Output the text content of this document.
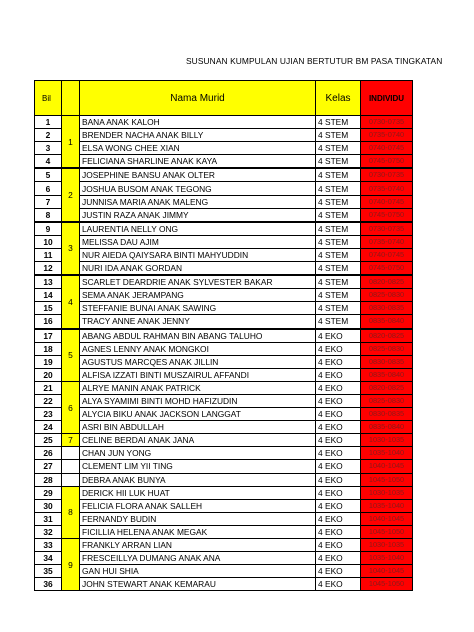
SUSUNAN KUMPULAN UJIAN BERTUTUR BM PASA TINGKATAN
Bil		Nama Murid	Kelas	INDIVIDU
1	1	BANA ANAK KALOH	4 STEM	0730-0735
2		BRENDER NACHA ANAK BILLY	4 STEM	0735-0740
3		ELSA WONG CHEE XIAN	4 STEM	0740-0745
4		FELICIANA SHARLINE ANAK KAYA	4 STEM	0745-0750
5	2	JOSEPHINE BANSU ANAK OLTER	4 STEM	0730-0735
6		JOSHUA BUSOM ANAK TEGONG	4 STEM	0735-0740
7		JUNNISA MARIA ANAK MALENG	4 STEM	0740-0745
8		JUSTIN RAZA ANAK JIMMY	4 STEM	0745-0750
9	3	LAURENTIA NELLY ONG	4 STEM	0730-0735
10		MELISSA DAU AJIM	4 STEM	0735-0740
11		NUR AIEDA QAIYSARA BINTI MAHYUDDIN	4 STEM	0740-0745
12		NURI IDA ANAK GORDAN	4 STEM	0745-0750
13	4	SCARLET DEARDRIE ANAK SYLVESTER BAKAR	4 STEM	0820-0825
14		SEMA ANAK JERAMPANG	4 STEM	0825-0830
15		STEFFANIE BUNAI ANAK SAWING	4 STEM	0830-0835
16		TRACY ANNE ANAK JENNY	4 STEM	0835-0840
17	5	ABANG ABDUL RAHMAN BIN ABANG TALUHO	4 EKO	0820-0825
18		AGNES LENNY ANAK MONGKOI	4 EKO	0825-0830
19		AGUSTUS MARCQES ANAK JILLIN	4 EKO	0830-0835
20		ALFISA IZZATI BINTI MUSZAIRUL AFFANDI	4 EKO	0835-0840
21	6	ALRYE MANIN ANAK PATRICK	4 EKO	0820-0825
22		ALYA SYAMIMI BINTI MOHD HAFIZUDIN	4 EKO	0825-0830
23		ALYCIA BIKU ANAK JACKSON LANGGAT	4 EKO	0830-0835
24		ASRI BIN ABDULLAH	4 EKO	0835-0840
25	7	CELINE BERDAI ANAK JANA	4 EKO	1030-1035
26		CHAN JUN YONG	4 EKO	1035-1040
27		CLEMENT LIM YII TING	4 EKO	1040-1045
28		DEBRA ANAK BUNYA	4 EKO	1045-1050
29	8	DERICK HII LUK HUAT	4 EKO	1030-1035
30		FELICIA FLORA ANAK SALLEH	4 EKO	1035-1040
31		FERNANDY BUDIN	4 EKO	1040-1045
32		FICILLIA HELENA ANAK MEGAK	4 EKO	1045-1050
33	9	FRANKLY ARRAN LIAN	4 EKO	1030-1035
34		FRESCEILLYA DUMANG ANAK ANA	4 EKO	1035-1040
35		GAN HUI SHIA	4 EKO	1040-1045
36		JOHN STEWART ANAK KEMARAU	4 EKO	1045-1050
